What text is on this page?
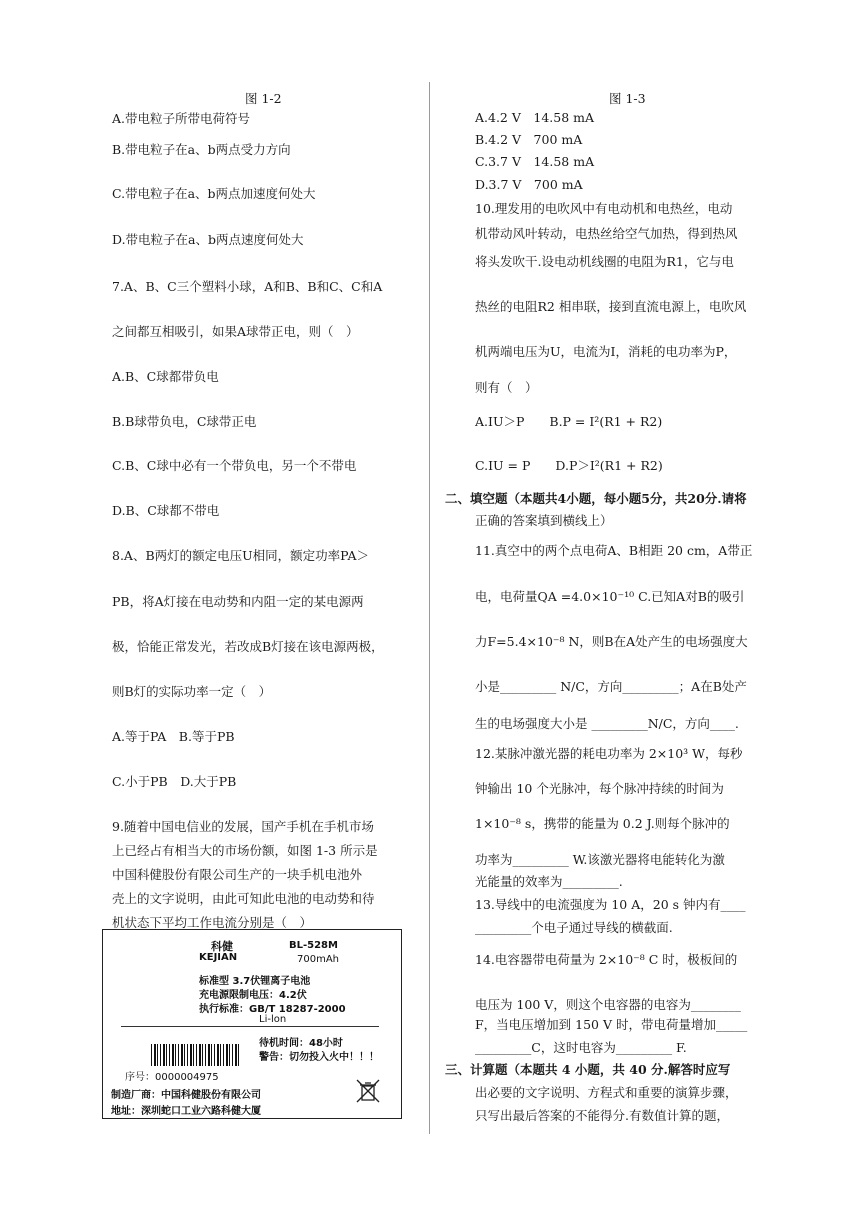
图 1-2
A.带电粒子所带电荷符号
B.带电粒子在a、b两点受力方向
C.带电粒子在a、b两点加速度何处大
D.带电粒子在a、b两点速度何处大
7.A、B、C三个塑料小球，A和B、B和C、C和A
之间都互相吸引，如果A球带正电，则（　）
A.B、C球都带负电
B.B球带负电，C球带正电
C.B、C球中必有一个带负电，另一个不带电
D.B、C球都不带电
8.A、B两灯的额定电压U相同，额定功率PA＞
PB，将A灯接在电动势和内阻一定的某电源两
极，恰能正常发光，若改成B灯接在该电源两极，
则B灯的实际功率一定（　）
A.等于PA　B.等于PB
C.小于PB　D.大于PB
9.随着中国电信业的发展，国产手机在手机市场
上已经占有相当大的市场份额，如图 1-3 所示是
中国科健股份有限公司生产的一块手机电池外
壳上的文字说明，由此可知此电池的电动势和待
机状态下平均工作电流分别是（　）
科健
KEJIAN
BL-528M
700mAh
标准型 3.7伏锂离子电池
充电源限制电压：4.2伏
执行标准：GB/T 18287-2000
Li-lon
待机时间：48小时
警告：切勿投入火中！！！
序号：0000004975
制造厂商：中国科健股份有限公司
地址：深圳蛇口工业六路科健大厦
图 1-3
A.4.2 V　14.58 mA
B.4.2 V　700 mA
C.3.7 V　14.58 mA
D.3.7 V　700 mA
10.理发用的电吹风中有电动机和电热丝，电动
机带动风叶转动，电热丝给空气加热，得到热风
将头发吹干.设电动机线圈的电阻为R1，它与电
热丝的电阻R2 相串联，接到直流电源上，电吹风
机两端电压为U，电流为I，消耗的电功率为P，
则有（　）
A.IU＞P　　B.P = I²(R1 + R2)
C.IU = P　　D.P＞I²(R1 + R2)
二、填空题（本题共4小题，每小题5分，共20分.请将
正确的答案填到横线上）
11.真空中的两个点电荷A、B相距 20 cm，A带正
电，电荷量QA =4.0×10⁻¹⁰ C.已知A对B的吸引
力F=5.4×10⁻⁸ N，则B在A处产生的电场强度大
小是_________ N/C，方向_________；A在B处产
生的电场强度大小是 _________N/C，方向____.
12.某脉冲激光器的耗电功率为 2×10³ W，每秒
钟输出 10 个光脉冲，每个脉冲持续的时间为
1×10⁻⁸ s，携带的能量为 0.2 J.则每个脉冲的
功率为_________ W.该激光器将电能转化为激
光能量的效率为_________.
13.导线中的电流强度为 10 A，20 s 钟内有____
_________个电子通过导线的横截面.
14.电容器带电荷量为 2×10⁻⁸ C 时，极板间的
电压为 100 V，则这个电容器的电容为________
F，当电压增加到 150 V 时，带电荷量增加_____
_________C，这时电容为_________ F.
三、计算题（本题共 4 小题，共 40 分.解答时应写
出必要的文字说明、方程式和重要的演算步骤，
只写出最后答案的不能得分.有数值计算的题，
